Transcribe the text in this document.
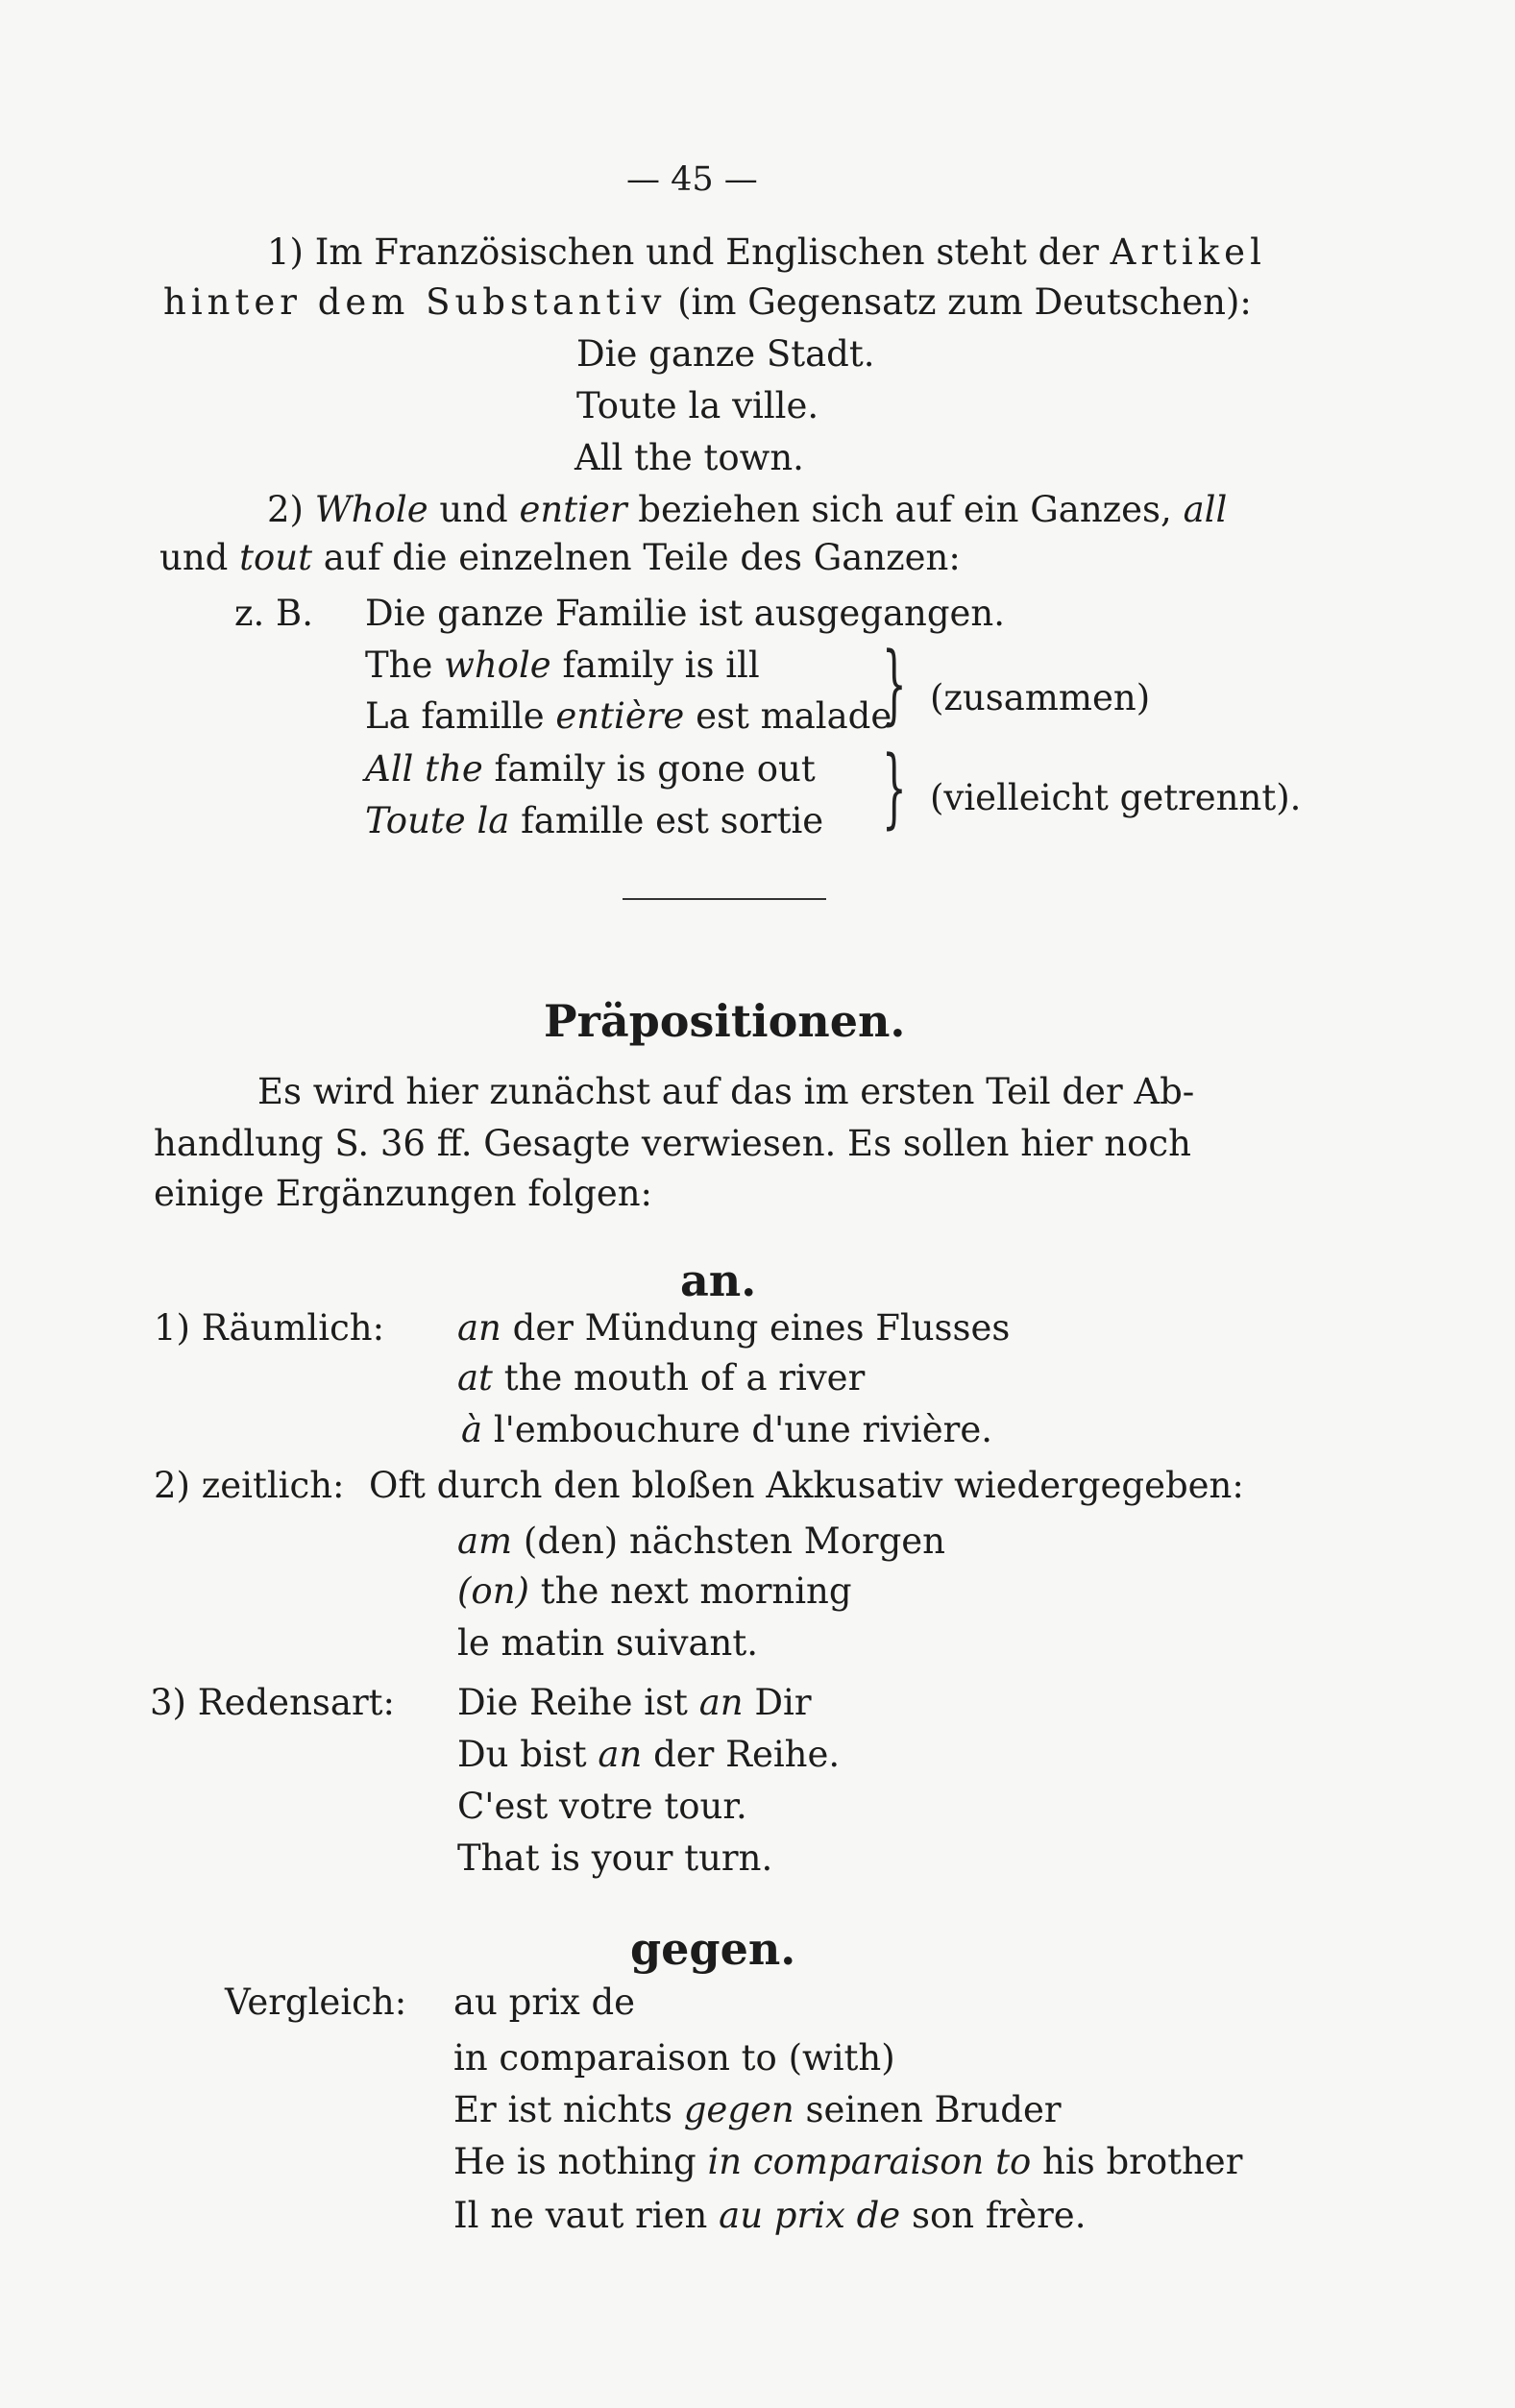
— 45 —
1) Im Französischen und Englischen steht der Artikel
hinter dem Substantiv (im Gegensatz zum Deutschen):
Die ganze Stadt.
Toute la ville.
All the town.
2) Whole und entier beziehen sich auf ein Ganzes, all
und tout auf die einzelnen Teile des Ganzen:
z. B. Die ganze Familie ist ausgegangen.
The whole family is ill
La famille entière est malade
} (zusammen)
All the family is gone out
Toute la famille est sortie } (vielleicht getrennt).
Präpositionen.
Es wird hier zunächst auf das im ersten Teil der Ab-
handlung S. 36 ff. Gesagte verwiesen. Es sollen hier noch
einige Ergänzungen folgen:
an.
1) Räumlich: an der Mündung eines Flusses
at the mouth of a river
à l'embouchure d'une rivière.
2) zeitlich: Oft durch den bloßen Akkusativ wiedergegeben:
am (den) nächsten Morgen
(on) the next morning
le matin suivant.
3) Redensart: Die Reihe ist an Dir
Du bist an der Reihe.
C'est votre tour.
That is your turn.
gegen.
Vergleich: au prix de
in comparaison to (with)
Er ist nichts gegen seinen Bruder
He is nothing in comparaison to his brother
Il ne vaut rien au prix de son frère.
